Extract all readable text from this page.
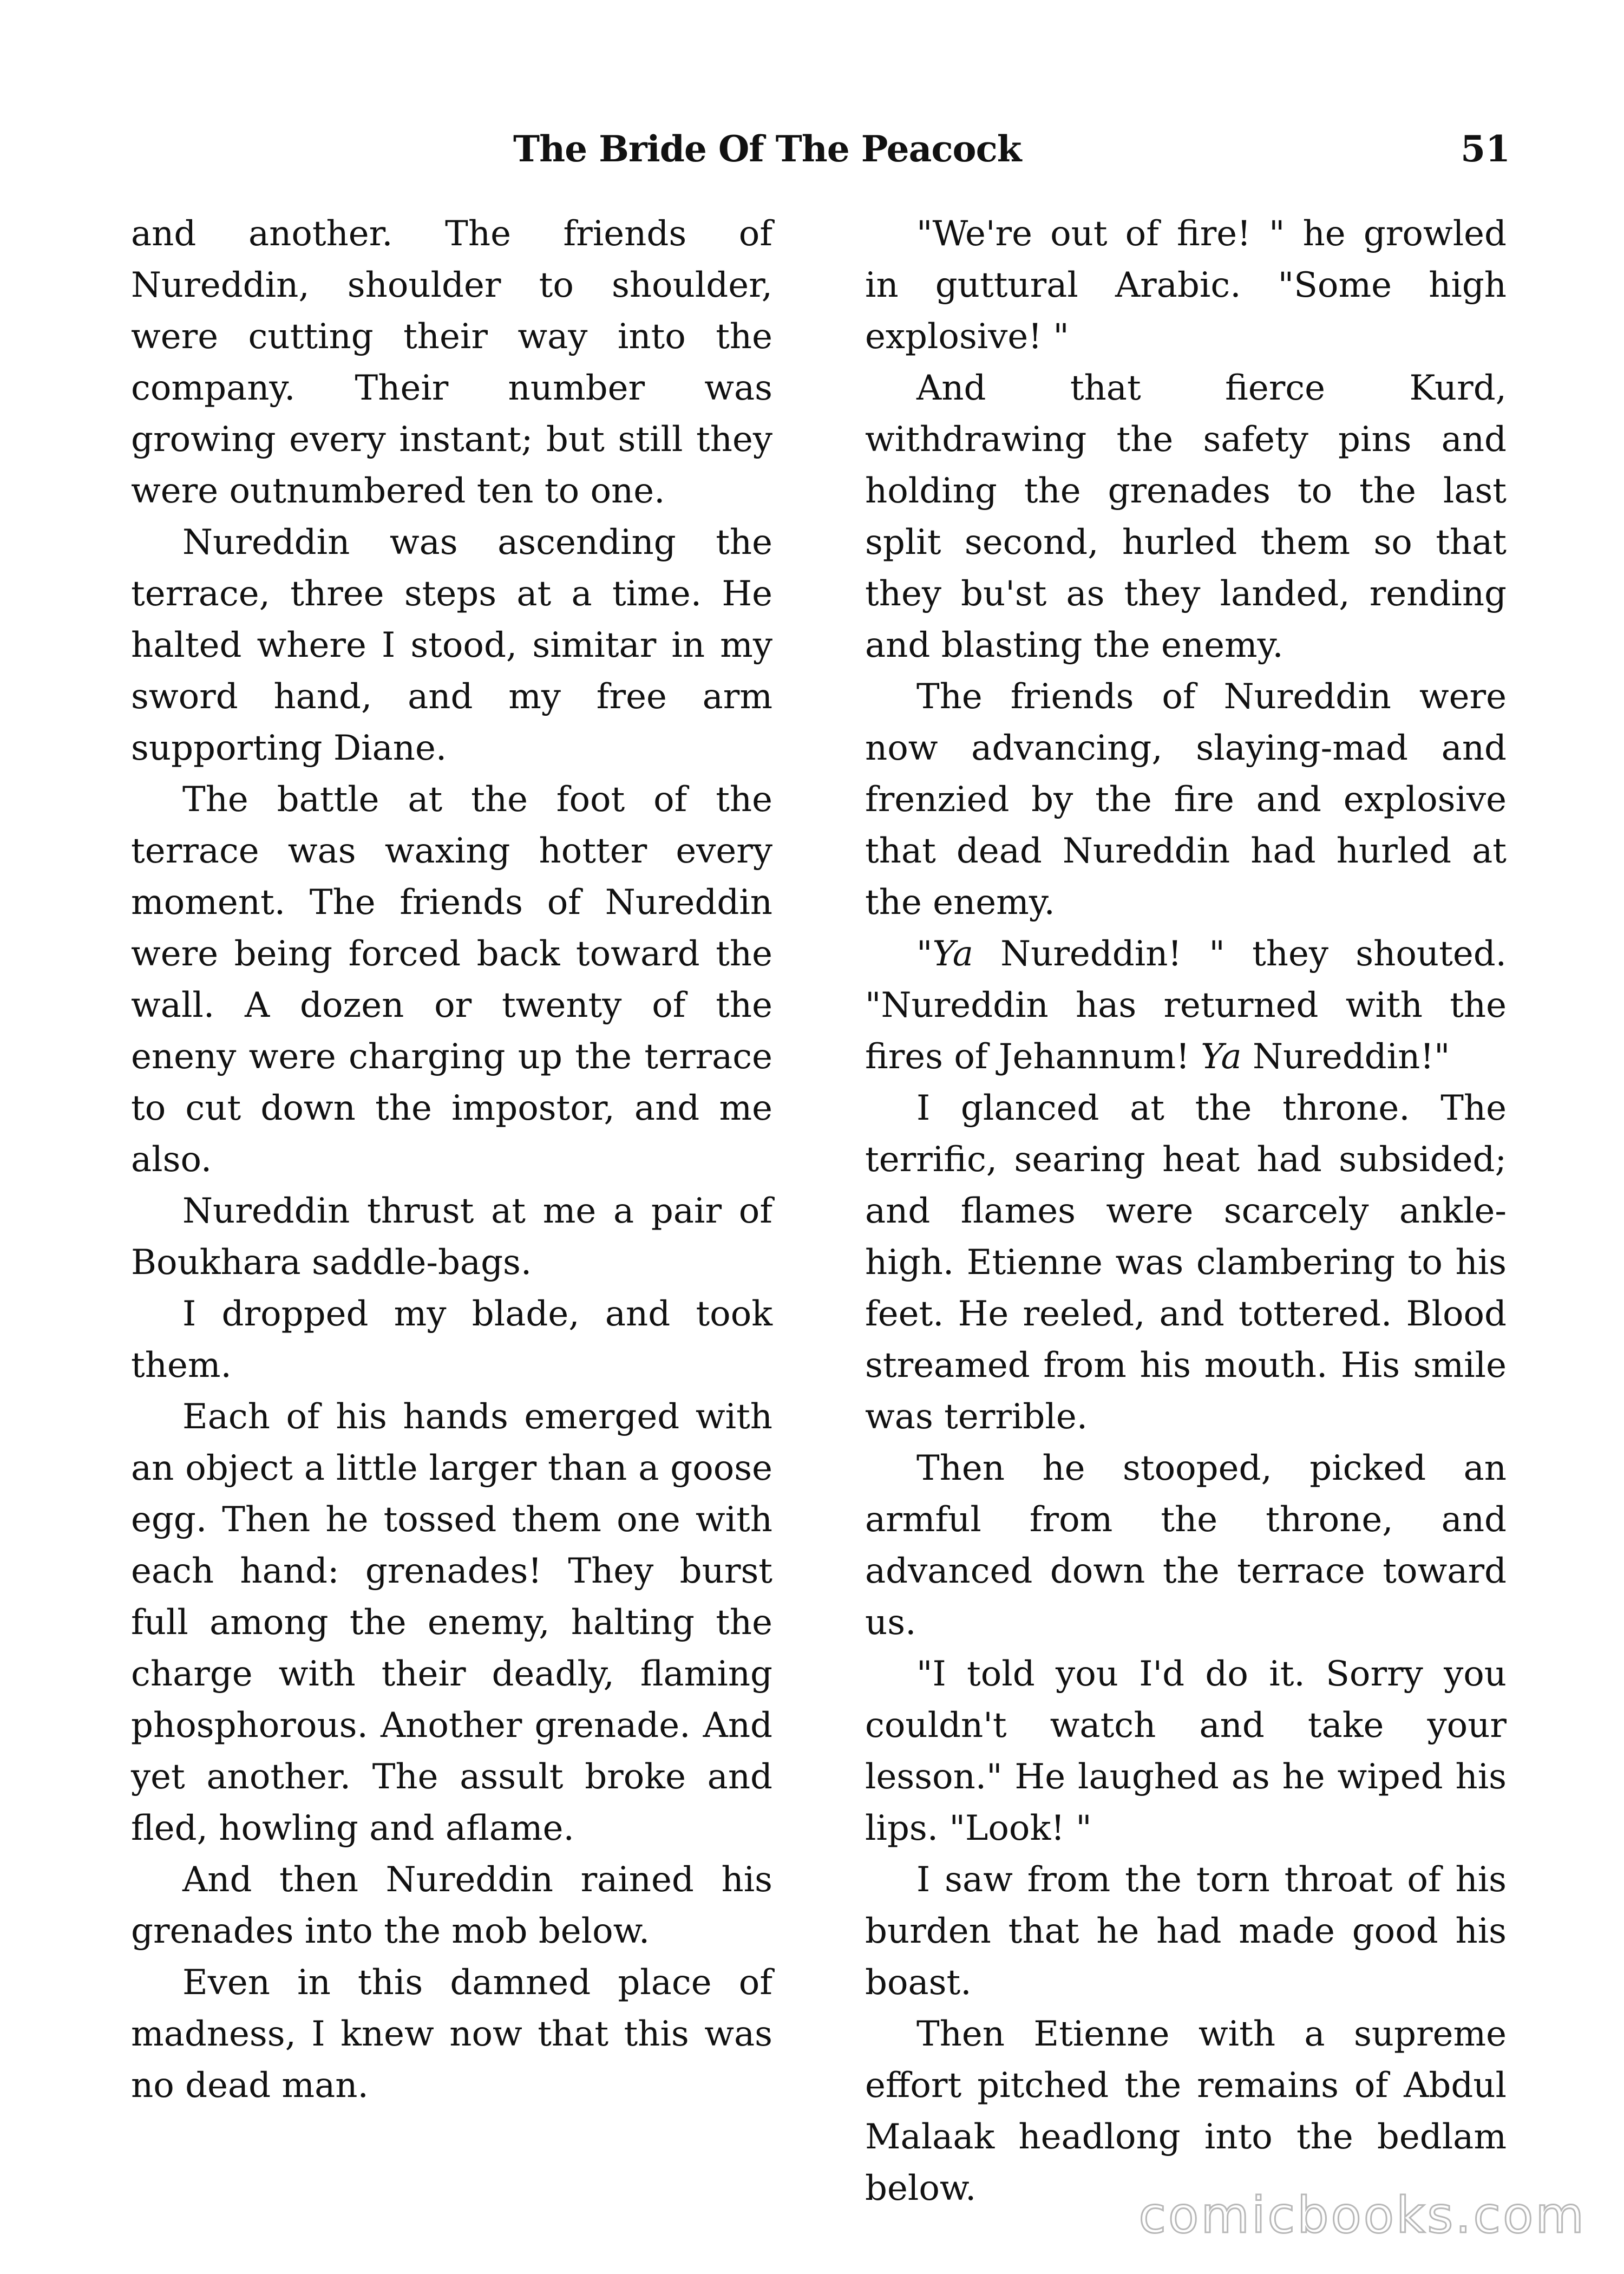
The Bride Of The Peacock	51

and another. The friends of Nureddin, shoulder to shoulder, were cutting their way into the company. Their number was growing every instant; but still they were outnumbered ten to one.

Nureddin was ascending the terrace, three steps at a time. He halted where I stood, simitar in my sword hand, and my free arm supporting Diane.

The battle at the foot of the terrace was waxing hotter every moment. The friends of Nureddin were being forced back toward the wall. A dozen or twenty of the eneny were charging up the terrace to cut down the impostor, and me also.

Nureddin thrust at me a pair of Boukhara saddle-bags.

I dropped my blade, and took them.

Each of his hands emerged with an object a little larger than a goose egg. Then he tossed them one with each hand: grenades! They burst full among the enemy, halting the charge with their deadly, flaming phosphorous. Another grenade. And yet another. The assult broke and fled, howling and aflame.

And then Nureddin rained his grenades into the mob below.

Even in this damned place of madness, I knew now that this was no dead man.

"We're out of fire! " he growled in guttural Arabic. "Some high explosive! "

And that fierce Kurd, withdrawing the safety pins and holding the grenades to the last split second, hurled them so that they bu'st as they landed, rending and blasting the enemy.

The friends of Nureddin were now advancing, slaying-mad and frenzied by the fire and explosive that dead Nureddin had hurled at the enemy.

"Ya Nureddin! " they shouted. "Nureddin has returned with the fires of Jehannum! Ya Nureddin!"

I glanced at the throne. The terrific, searing heat had subsided; and flames were scarcely ankle-high. Etienne was clambering to his feet. He reeled, and tottered. Blood streamed from his mouth. His smile was terrible.

Then he stooped, picked an armful from the throne, and advanced down the terrace toward us.

"I told you I'd do it. Sorry you couldn't watch and take your lesson." He laughed as he wiped his lips. "Look! "

I saw from the torn throat of his burden that he had made good his boast.

Then Etienne with a supreme effort pitched the remains of Abdul Malaak headlong into the bedlam below.	comicbooks.com
